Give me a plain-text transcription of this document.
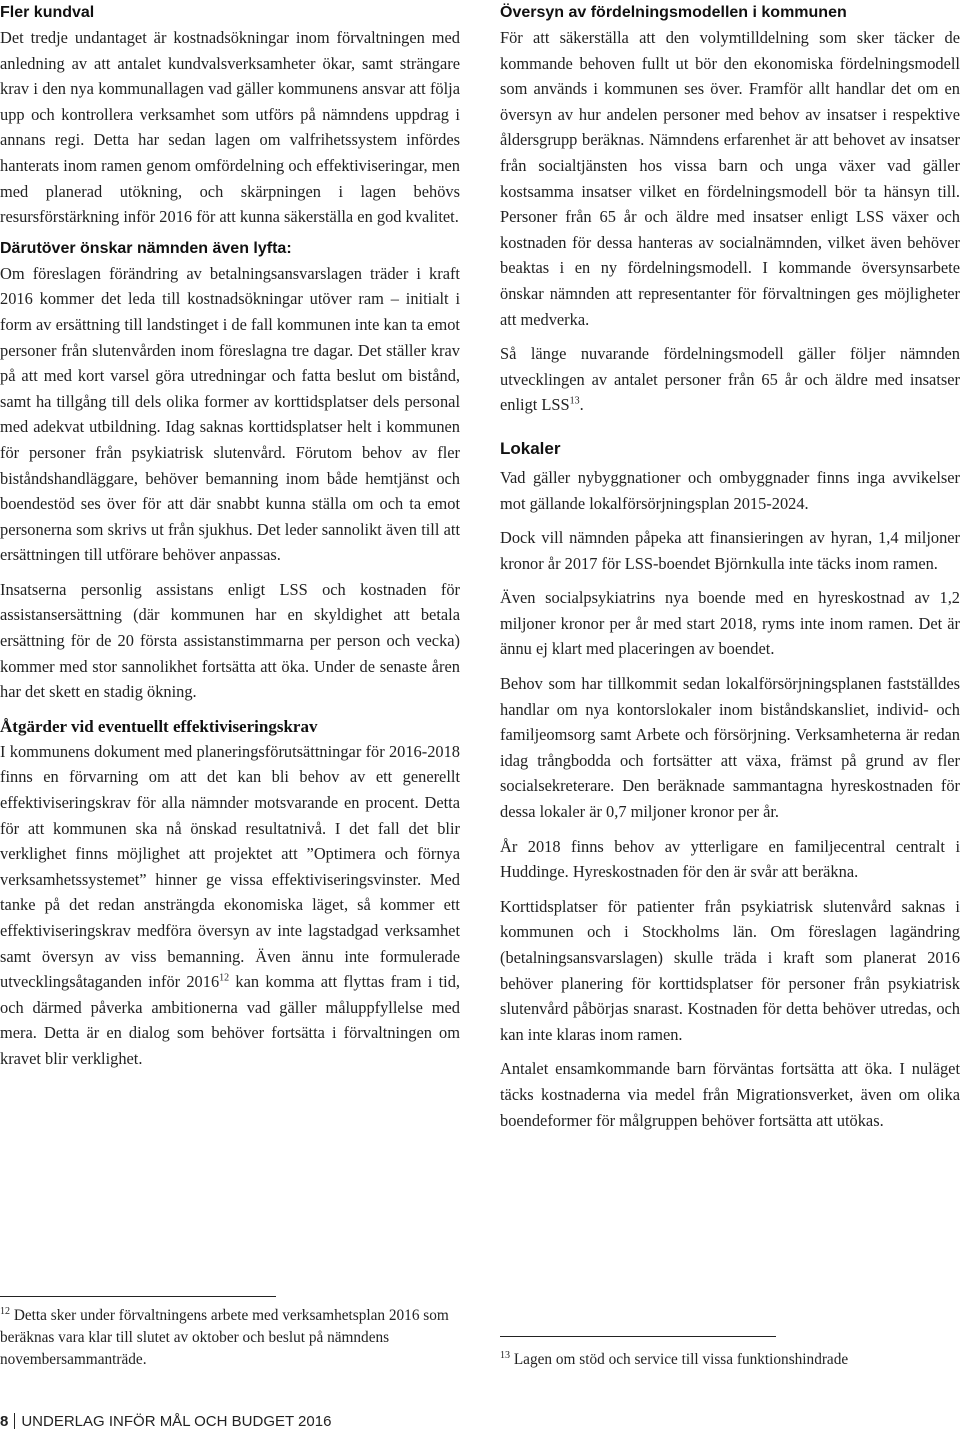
Fler kundval

Det tredje undantaget är kostnadsökningar inom förvaltningen med anledning av att antalet kundvalsverksamheter ökar, samt strängare krav i den nya kommunallagen vad gäller kommunens ansvar att följa upp och kontrollera verksamhet som utförs på nämndens uppdrag i annans regi. Detta har sedan lagen om valfrihetssystem infördes hanterats inom ramen genom omfördelning och effektiviseringar, men med planerad utökning, och skärpningen i lagen behövs resursförstärkning inför 2016 för att kunna säkerställa en god kvalitet.

Därutöver önskar nämnden även lyfta:

Om föreslagen förändring av betalningsansvarslagen träder i kraft 2016 kommer det leda till kostnadsökningar utöver ram – initialt i form av ersättning till landstinget i de fall kommunen inte kan ta emot personer från slutenvården inom föreslagna tre dagar. Det ställer krav på att med kort varsel göra utredningar och fatta beslut om bistånd, samt ha tillgång till dels olika former av korttidsplatser dels personal med adekvat utbildning. Idag saknas korttidsplatser helt i kommunen för personer från psykiatrisk slutenvård. Förutom behov av fler biståndshandläggare, behöver bemanning inom både hemtjänst och boendestöd ses över för att där snabbt kunna ställa om och ta emot personerna som skrivs ut från sjukhus. Det leder sannolikt även till att ersättningen till utförare behöver anpassas.

Insatserna personlig assistans enligt LSS och kostnaden för assistansersättning (där kommunen har en skyldighet att betala ersättning för de 20 första assistanstimmarna per person och vecka) kommer med stor sannolikhet fortsätta att öka. Under de senaste åren har det skett en stadig ökning.

Åtgärder vid eventuellt effektiviseringskrav

I kommunens dokument med planeringsförutsättningar för 2016-2018 finns en förvarning om att det kan bli behov av ett generellt effektiviseringskrav för alla nämnder motsvarande en procent. Detta för att kommunen ska nå önskad resultatnivå. I det fall det blir verklighet finns möjlighet att projektet att ”Optimera och förnya verksamhetssystemet” hinner ge vissa effektiviseringsvinster. Med tanke på det redan ansträngda ekonomiska läget, så kommer ett effektiviseringskrav medföra översyn av inte lagstadgad verksamhet samt översyn av viss bemanning. Även ännu inte formulerade utvecklingsåtaganden inför 2016$^{12}$ kan komma att flyttas fram i tid, och därmed påverka ambitionerna vad gäller måluppfyllelse med mera. Detta är en dialog som behöver fortsätta i förvaltningen om kravet blir verklighet.

$^{12}$ Detta sker under förvaltningens arbete med verksamhetsplan 2016 som beräknas vara klar till slutet av oktober och beslut på nämndens novembersammanträde.

Översyn av fördelningsmodellen i kommunen

För att säkerställa att den volymtilldelning som sker täcker de kommande behoven fullt ut bör den ekonomiska fördelningsmodell som används i kommunen ses över. Framför allt handlar det om en översyn av hur andelen personer med behov av insatser i respektive åldersgrupp beräknas. Nämndens erfarenhet är att behovet av insatser från socialtjänsten hos vissa barn och unga växer vad gäller kostsamma insatser vilket en fördelningsmodell bör ta hänsyn till. Personer från 65 år och äldre med insatser enligt LSS växer och kostnaden för dessa hanteras av socialnämnden, vilket även behöver beaktas i en ny fördelningsmodell. I kommande översynsarbete önskar nämnden att representanter för förvaltningen ges möjligheter att medverka.

Så länge nuvarande fördelningsmodell gäller följer nämnden utvecklingen av antalet personer från 65 år och äldre med insatser enligt LSS$^{13}$.

Lokaler

Vad gäller nybyggnationer och ombyggnader finns inga avvikelser mot gällande lokalförsörjningsplan 2015-2024.

Dock vill nämnden påpeka att finansieringen av hyran, 1,4 miljoner kronor år 2017 för LSS-boendet Björnkulla inte täcks inom ramen.

Även socialpsykiatrins nya boende med en hyreskostnad av 1,2 miljoner kronor per år med start 2018, ryms inte inom ramen. Det är ännu ej klart med placeringen av boendet.

Behov som har tillkommit sedan lokalförsörjningsplanen fastställdes handlar om nya kontorslokaler inom biståndskansliet, individ- och familjeomsorg samt Arbete och försörjning. Verksamheterna är redan idag trångbodda och fortsätter att växa, främst på grund av fler socialsekreterare. Den beräknade sammantagna hyreskostnaden för dessa lokaler är 0,7 miljoner kronor per år.

År 2018 finns behov av ytterligare en familjecentral centralt i Huddinge. Hyreskostnaden för den är svår att beräkna.

Korttidsplatser för patienter från psykiatrisk slutenvård saknas i kommunen och i Stockholms län. Om föreslagen lagändring (betalningsansvarslagen) skulle träda i kraft som planerat 2016 behöver planering för korttidsplatser för personer från psykiatrisk slutenvård påbörjas snarast. Kostnaden för detta behöver utredas, och kan inte klaras inom ramen.

Antalet ensamkommande barn förväntas fortsätta att öka. I nuläget täcks kostnaderna via medel från Migrationsverket, även om olika boendeformer för målgruppen behöver fortsätta att utökas.

$^{13}$ Lagen om stöd och service till vissa funktionshindrade

8 UNDERLAG INFÖR MÅL OCH BUDGET 2016
